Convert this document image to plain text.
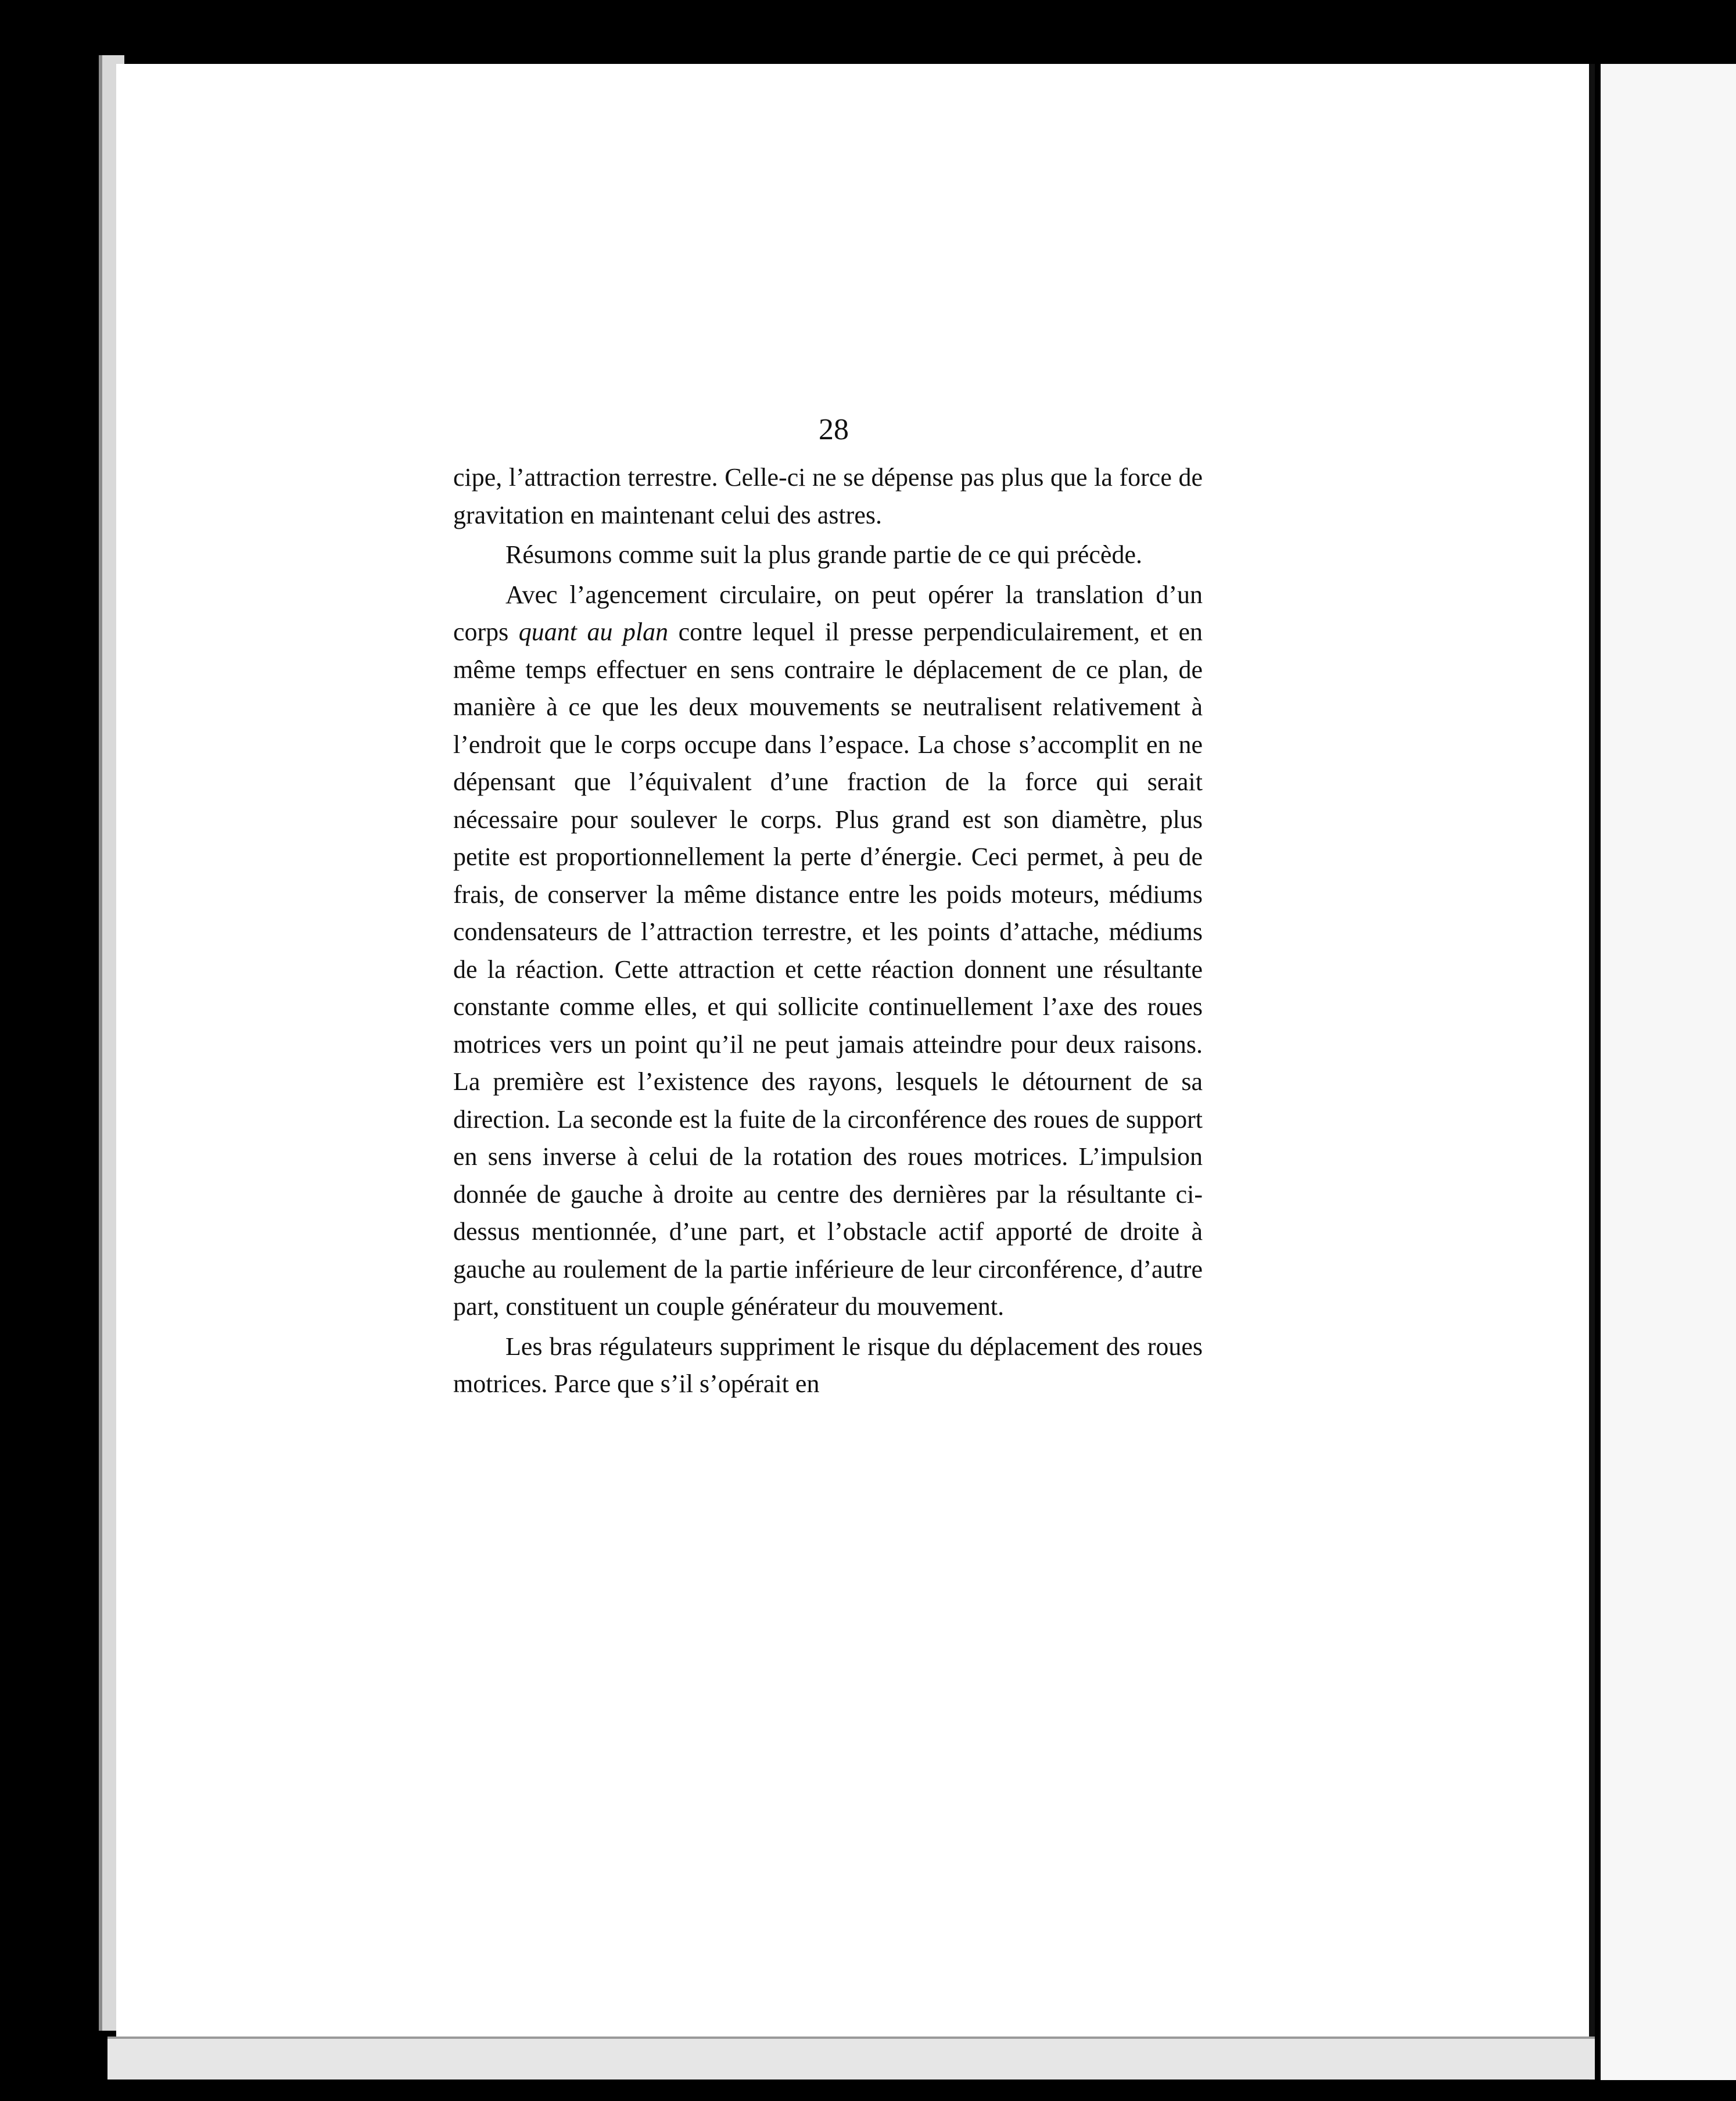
28

cipe, l’attraction terrestre. Celle-ci ne se dépense pas plus que la force de gravitation en maintenant celui des astres.

Résumons comme suit la plus grande partie de ce qui précède.

Avec l’agencement circulaire, on peut opérer la translation d’un corps quant au plan contre lequel il presse perpendiculairement, et en même temps effectuer en sens contraire le déplacement de ce plan, de manière à ce que les deux mouvements se neutralisent relativement à l’endroit que le corps occupe dans l’espace. La chose s’accomplit en ne dépensant que l’équivalent d’une fraction de la force qui serait nécessaire pour soulever le corps. Plus grand est son diamètre, plus petite est proportionnellement la perte d’énergie. Ceci permet, à peu de frais, de conserver la même distance entre les poids moteurs, médiums condensateurs de l’attraction terrestre, et les points d’attache, médiums de la réaction. Cette attraction et cette réaction donnent une résultante constante comme elles, et qui sollicite continuellement l’axe des roues motrices vers un point qu’il ne peut jamais atteindre pour deux raisons. La première est l’existence des rayons, lesquels le détournent de sa direction. La seconde est la fuite de la circonférence des roues de support en sens inverse à celui de la rotation des roues motrices. L’impulsion donnée de gauche à droite au centre des dernières par la résultante ci-dessus mentionnée, d’une part, et l’obstacle actif apporté de droite à gauche au roulement de la partie inférieure de leur circonférence, d’autre part, constituent un couple générateur du mouvement.

Les bras régulateurs suppriment le risque du déplacement des roues motrices. Parce que s’il s’opérait en
